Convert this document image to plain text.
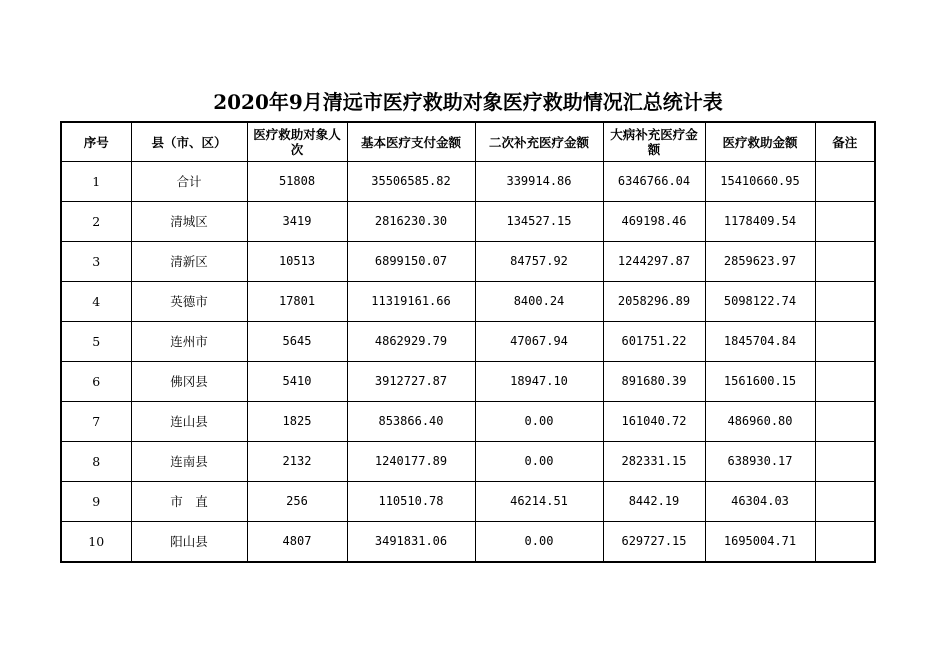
2020年9月清远市医疗救助对象医疗救助情况汇总统计表
序号	县（市、区）	医疗救助对象人次	基本医疗支付金额	二次补充医疗金额	大病补充医疗金额	医疗救助金额	备注
1	合计	51808	35506585.82	339914.86	6346766.04	15410660.95	
2	清城区	3419	2816230.30	134527.15	469198.46	1178409.54	
3	清新区	10513	6899150.07	84757.92	1244297.87	2859623.97	
4	英德市	17801	11319161.66	8400.24	2058296.89	5098122.74	
5	连州市	5645	4862929.79	47067.94	601751.22	1845704.84	
6	佛冈县	5410	3912727.87	18947.10	891680.39	1561600.15	
7	连山县	1825	853866.40	0.00	161040.72	486960.80	
8	连南县	2132	1240177.89	0.00	282331.15	638930.17	
9	市　直	256	110510.78	46214.51	8442.19	46304.03	
10	阳山县	4807	3491831.06	0.00	629727.15	1695004.71	
